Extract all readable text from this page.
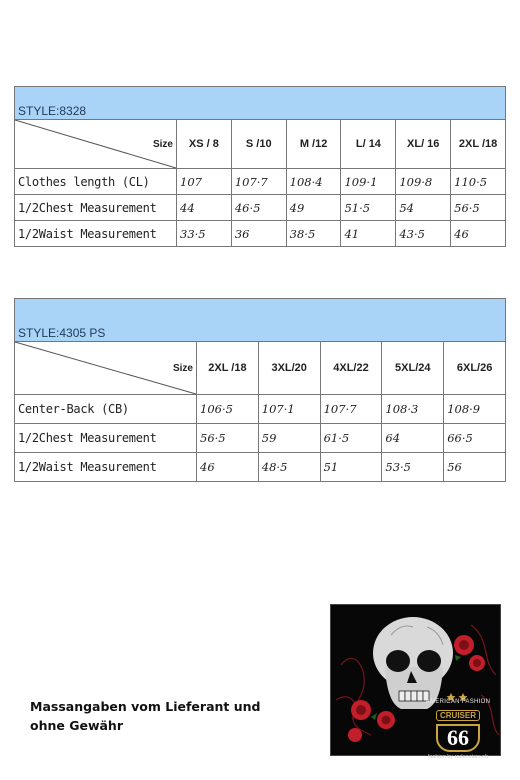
STYLE:8328						

Size	XS / 8	S /10	M /12	L/ 14	XL/ 16	2XL /18
Clothes length (CL)	107	107·7	108·4	109·1	109·8	110·5
1/2Chest Measurement	44	46·5	49	51·5	54	56·5
1/2Waist Measurement	33·5	36	38·5	41	43·5	46
STYLE:4305 PS					

Size	2XL /18	3XL/20	4XL/22	5XL/24	6XL/26
Center-Back (CB)	106·5	107·1	107·7	108·3	108·9
1/2Chest Measurement	56·5	59	61·5	64	66·5
1/2Waist Measurement	46	48·5	51	53·5	56
Massangaben vom Lieferant und ohne Gewähr
AMERICAN FASHION
CRUISER
66
fashion by rodeostars.ch
